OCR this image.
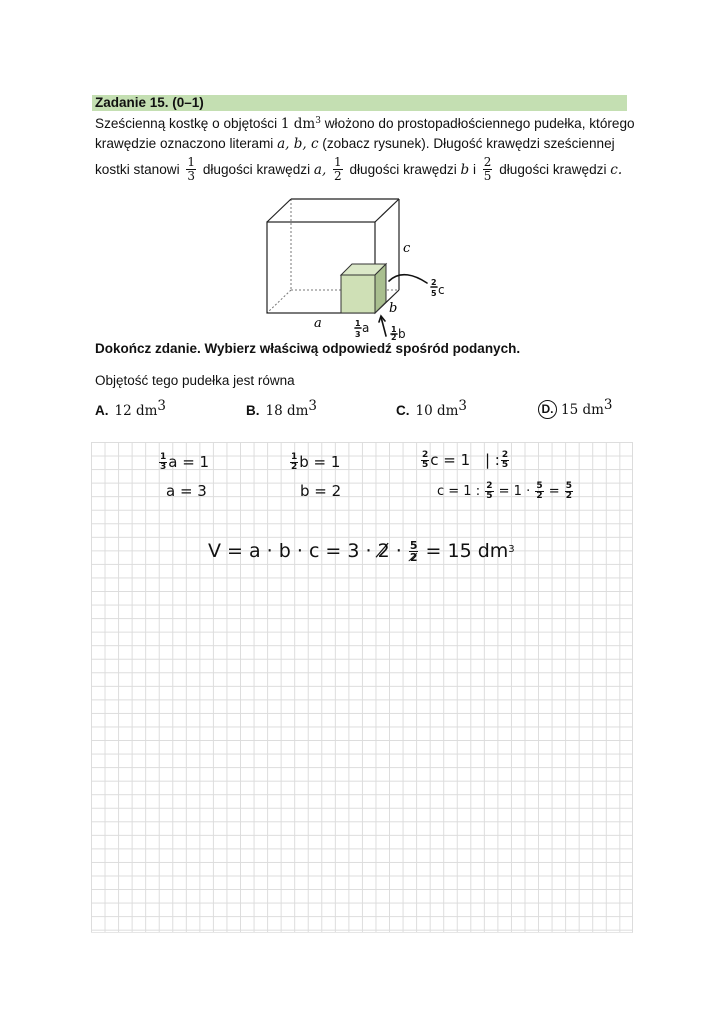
Zadanie 15. (0–1)
Sześcienną kostkę o objętości 1 $dm^3$ włożono do prostopadłościennego pudełka, którego
krawędzie oznaczono literami a, b, c (zobacz rysunek). Długość krawędzi sześciennej
kostki stanowi $\frac{1}{3}$ długości krawędzi a, $\frac{1}{2}$ długości krawędzi b i $\frac{2}{5}$ długości krawędzi c.
c
b
a	1
3
1
2
2
5
a b
c
Dokończ zdanie. Wybierz właściwą odpowiedź spośród podanych.
Objętość tego pudełka jest równa
A. 12 $dm^3$	B. 18 $dm^3$	C. 10 $dm^3$	D. 15 $dm^3$
$\frac{1}{3}$ a = 1
a = 3
$\frac{1}{2}$ b = 1
b = 2
$\frac{2}{5}$ c = 1 | : $\frac{2}{5}$
c = 1 : $\frac{2}{5} = 1 \cdot \frac{5}{2} = \frac{5}{2}$
V = a · b · c = 3 · 2̸ · $\frac{5}{2̸} = 15$ $dm^3$
